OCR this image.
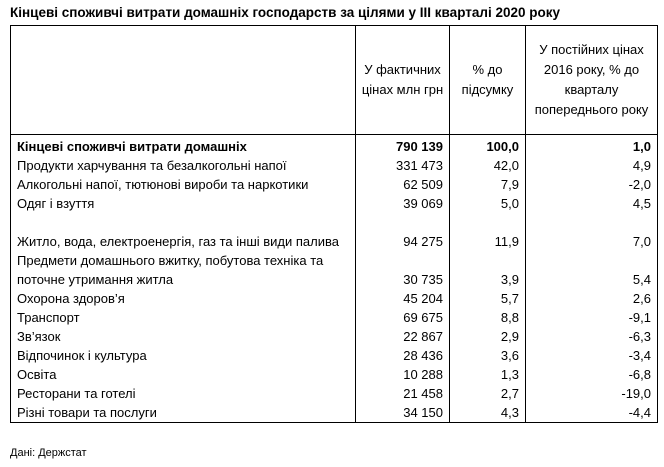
Кінцеві споживчі витрати домашніх господарств за цілями у ІІІ кварталі 2020 року
	У фактичних цінах млн грн	% до підсумку	У постійних цінах 2016 року, % до кварталу попереднього року
Кінцеві споживчі витрати домашніх	790 139	100,0	1,0
Продукти харчування та безалкогольні напої	331 473	42,0	4,9
Алкогольні напої, тютюнові вироби та наркотики	62 509	7,9	-2,0
Одяг і взуття	39 069	5,0	4,5
Житло, вода, електроенергія, газ та інші види палива	94 275	11,9	7,0
Предмети домашнього вжитку, побутова техніка та поточне утримання житла	30 735	3,9	5,4
Охорона здоров’я	45 204	5,7	2,6
Транспорт	69 675	8,8	-9,1
Зв’язок	22 867	2,9	-6,3
Відпочинок і культура	28 436	3,6	-3,4
Освіта	10 288	1,3	-6,8
Ресторани та готелі	21 458	2,7	-19,0
Різні товари та послуги	34 150	4,3	-4,4
Дані: Держстат
